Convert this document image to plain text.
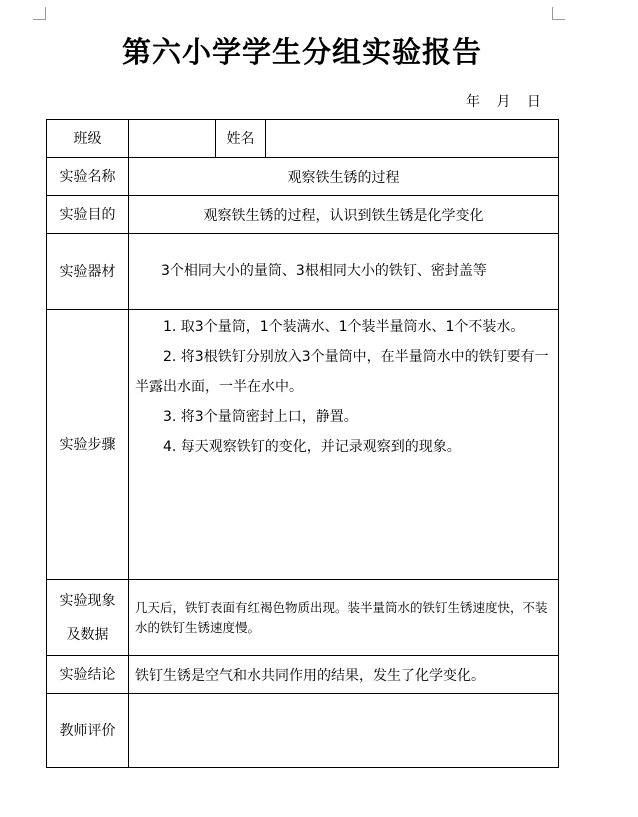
第六小学学生分组实验报告
年 月 日
班级		姓名	
实验名称	观察铁生锈的过程		
实验目的	观察铁生锈的过程，认识到铁生锈是化学变化		
实验器材	3个相同大小的量筒、3根相同大小的铁钉、密封盖等		
实验步骤	1. 取3个量筒，1个装满水、1个装半量筒水、1个不装水。

2. 将3根铁钉分别放入3个量筒中，在半量筒水中的铁钉要有一半露出水面，一半在水中。

3. 将3个量筒密封上口，静置。

4. 每天观察铁钉的变化，并记录观察到的现象。		

实验现象
及数据	几天后，铁钉表面有红褐色物质出现。装半量筒水的铁钉生锈速度快，不装水的铁钉生锈速度慢。		
实验结论	铁钉生锈是空气和水共同作用的结果，发生了化学变化。		
教师评价			
